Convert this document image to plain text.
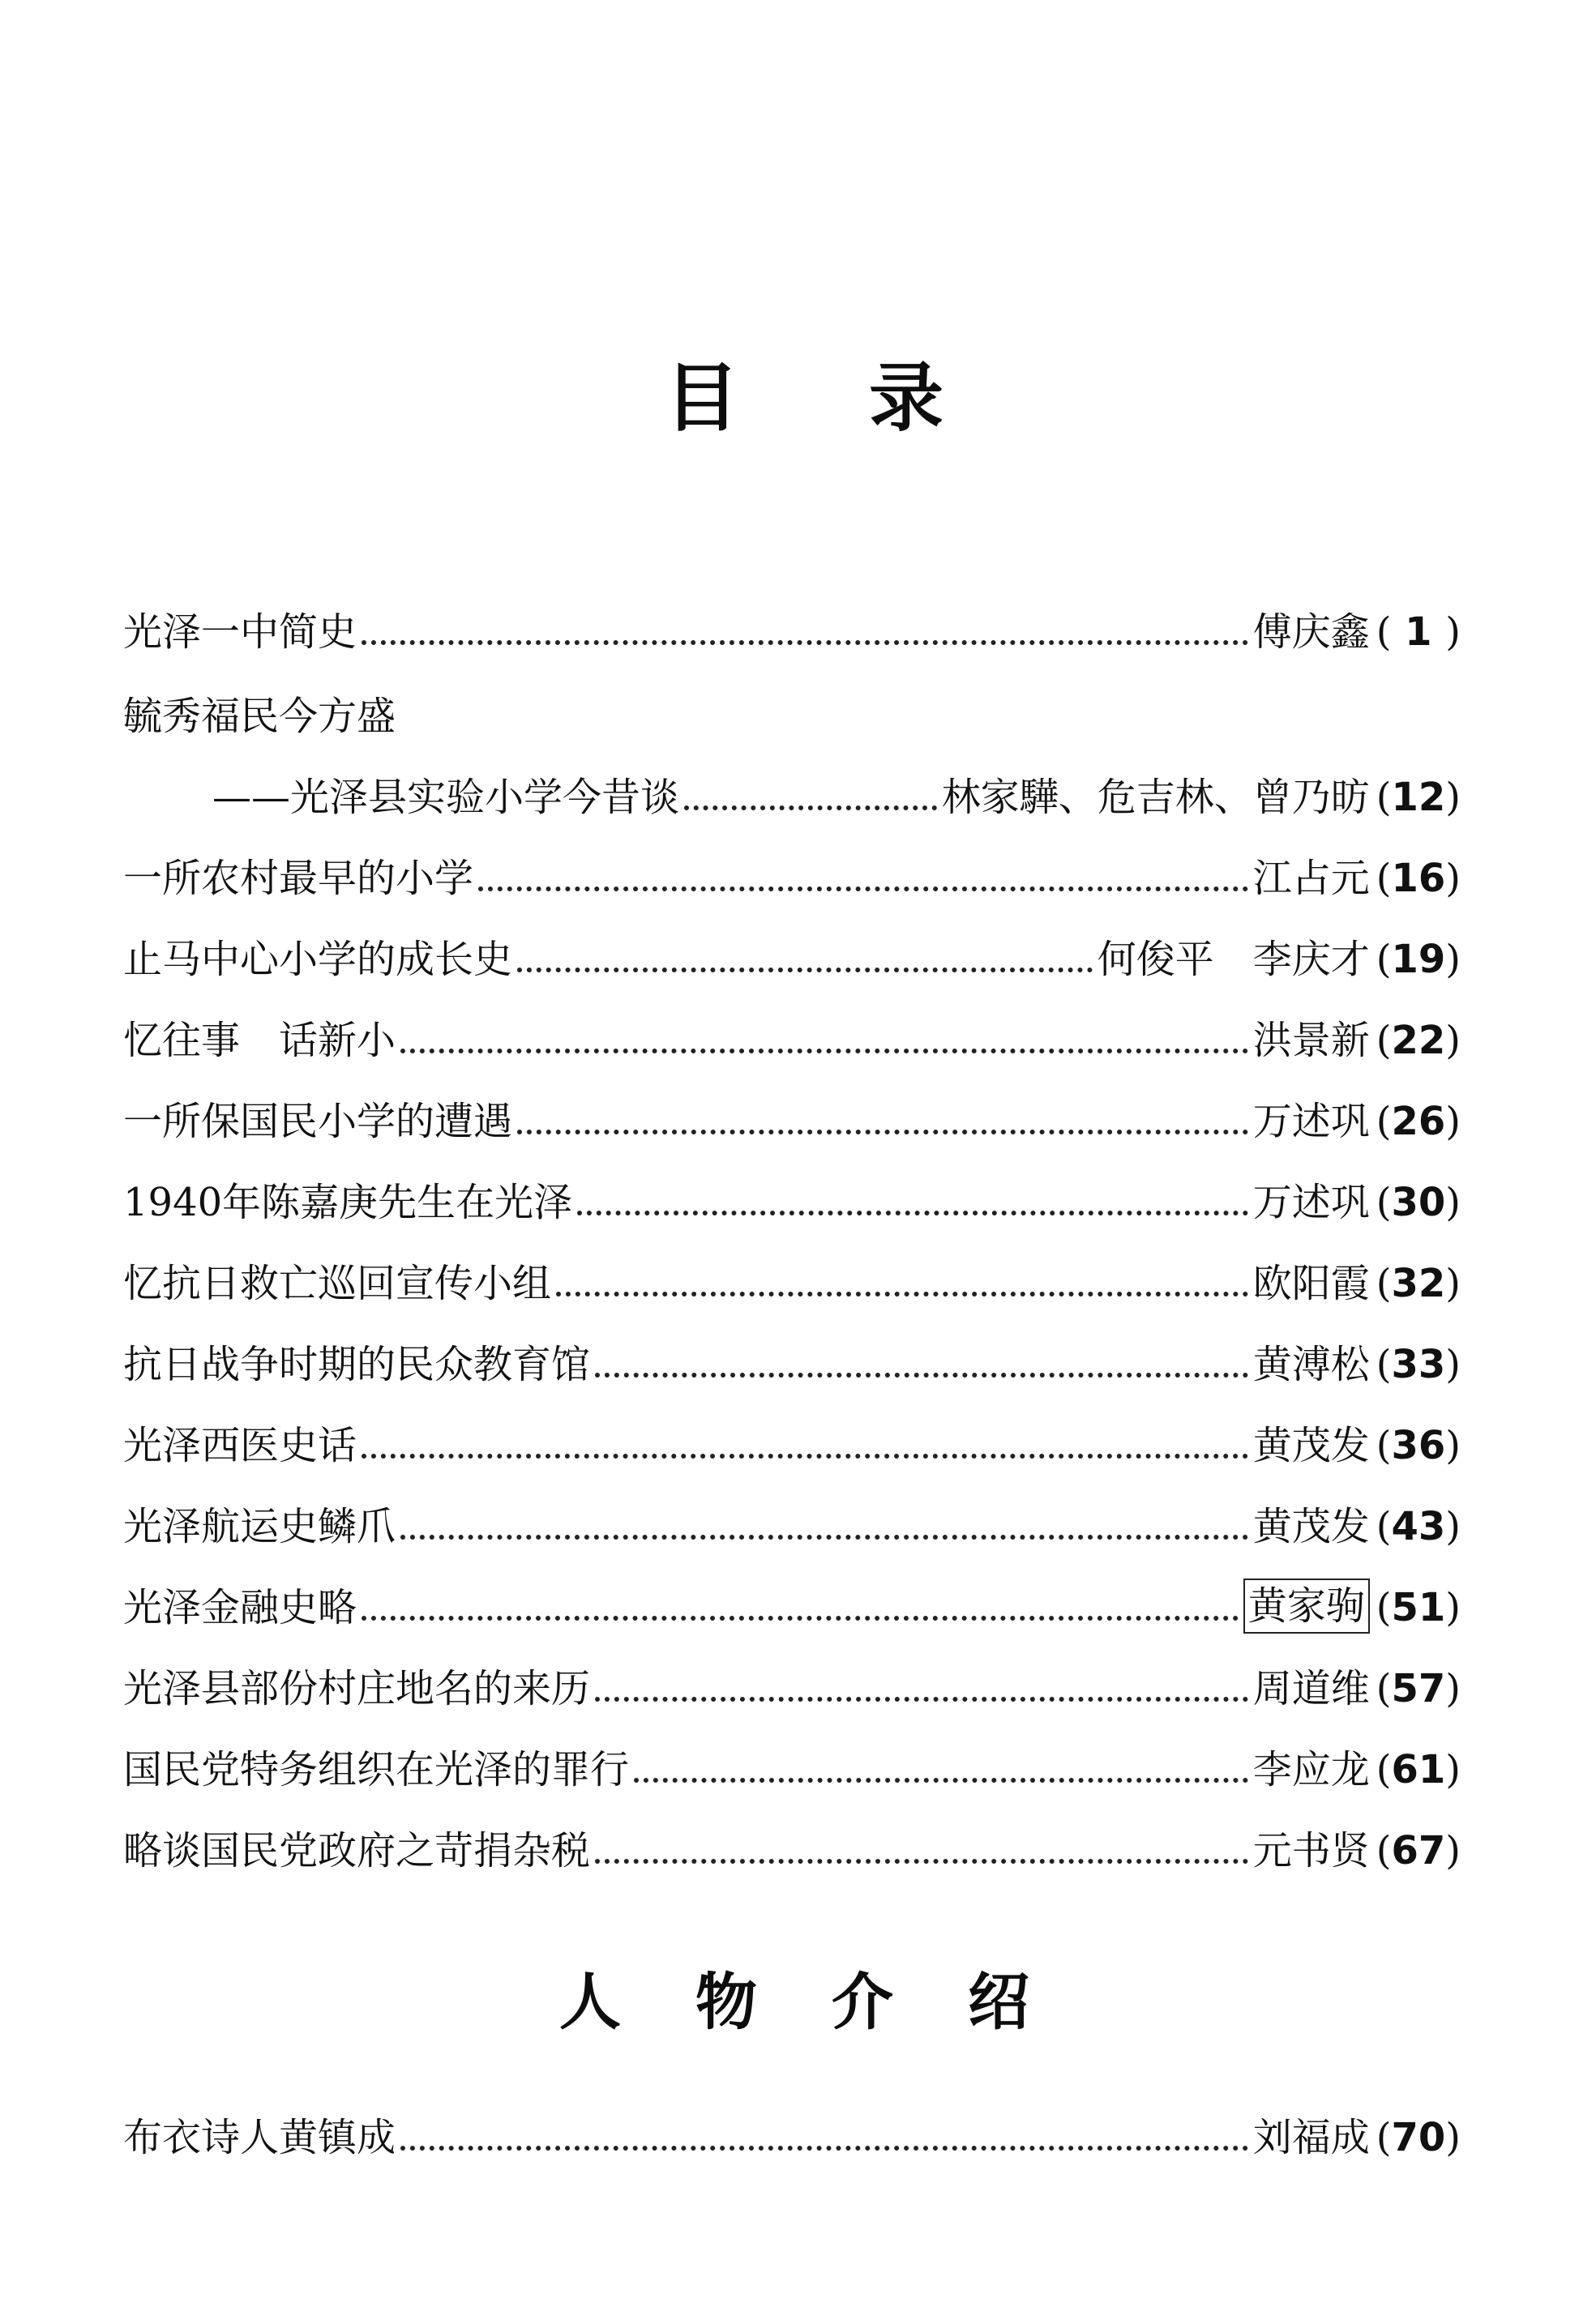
目 录
光泽一中简史	傅庆鑫 ( 1 )
毓秀福民今方盛
——光泽县实验小学今昔谈	林家驊、危吉林、曾乃昉 (12)
一所农村最早的小学	江占元 (16)
止马中心小学的成长史	何俊平　李庆才 (19)
忆往事　话新小	洪景新 (22)
一所保国民小学的遭遇	万述巩 (26)
1940年陈嘉庚先生在光泽	万述巩 (30)
忆抗日救亡巡回宣传小组	欧阳霞 (32)
抗日战争时期的民众教育馆	黄溥松 (33)
光泽西医史话	黄茂发 (36)
光泽航运史鳞爪	黄茂发 (43)
光泽金融史略	黄家驹 (51)
光泽县部份村庄地名的来历	周道维 (57)
国民党特务组织在光泽的罪行	李应龙 (61)
略谈国民党政府之苛捐杂税	元书贤 (67)
人 物 介 绍
布衣诗人黄镇成	刘福成 (70)
